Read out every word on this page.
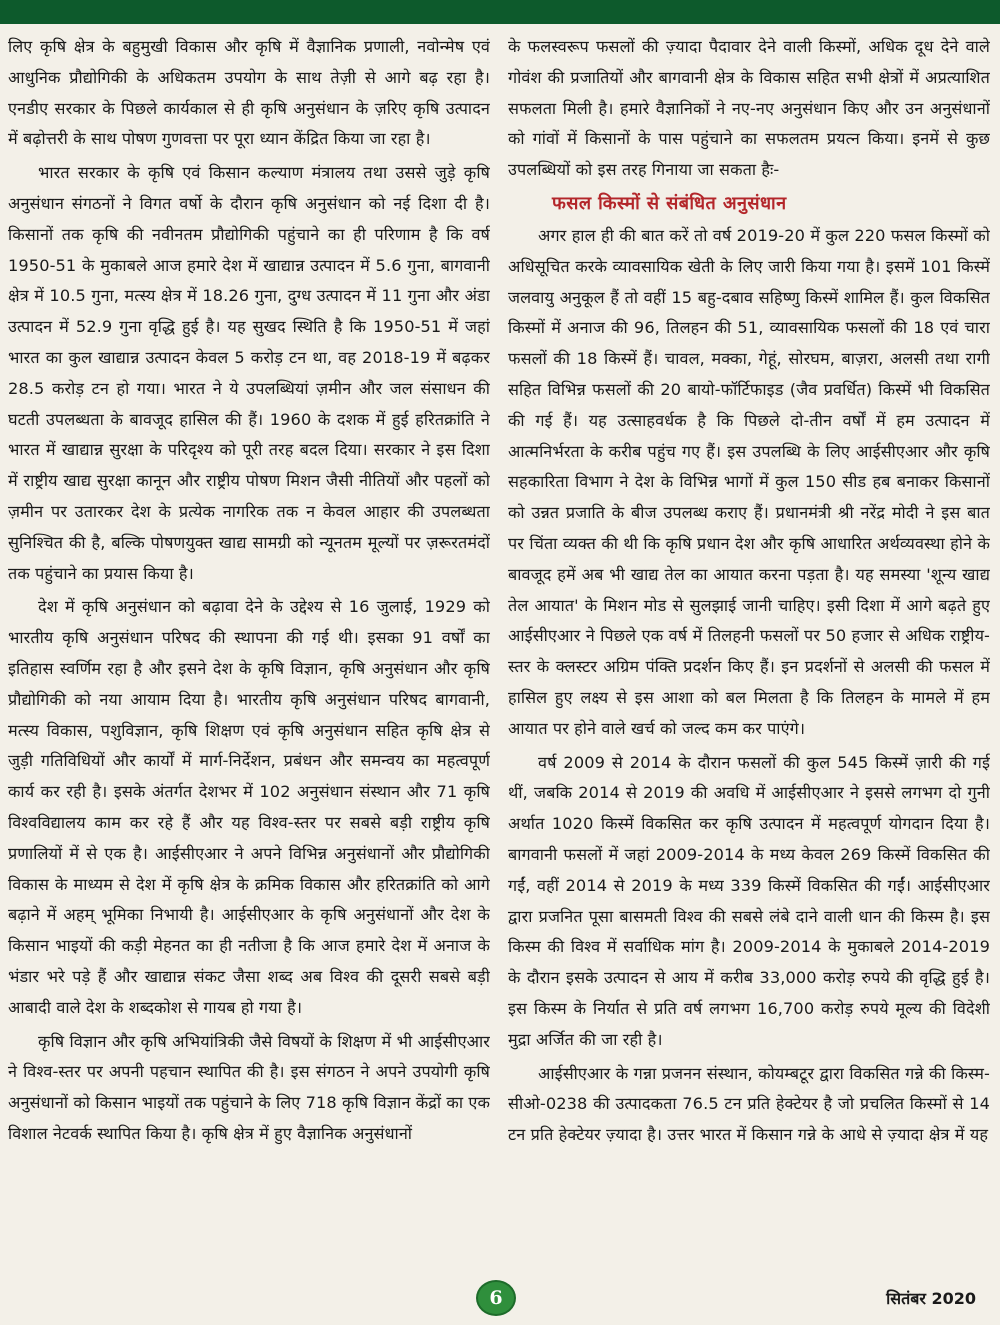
लिए कृषि क्षेत्र के बहुमुखी विकास और कृषि में वैज्ञानिक प्रणाली, नवोन्मेष एवं आधुनिक प्रौद्योगिकी के अधिकतम उपयोग के साथ तेज़ी से आगे बढ़ रहा है। एनडीए सरकार के पिछले कार्यकाल से ही कृषि अनुसंधान के ज़रिए कृषि उत्पादन में बढ़ोत्तरी के साथ पोषण गुणवत्ता पर पूरा ध्यान केंद्रित किया जा रहा है।

भारत सरकार के कृषि एवं किसान कल्याण मंत्रालय तथा उससे जुड़े कृषि अनुसंधान संगठनों ने विगत वर्षो के दौरान कृषि अनुसंधान को नई दिशा दी है। किसानों तक कृषि की नवीनतम प्रौद्योगिकी पहुंचाने का ही परिणाम है कि वर्ष 1950-51 के मुकाबले आज हमारे देश में खाद्यान्न उत्पादन में 5.6 गुना, बागवानी क्षेत्र में 10.5 गुना, मत्स्य क्षेत्र में 18.26 गुना, दुग्ध उत्पादन में 11 गुना और अंडा उत्पादन में 52.9 गुना वृद्धि हुई है। यह सुखद स्थिति है कि 1950-51 में जहां भारत का कुल खाद्यान्न उत्पादन केवल 5 करोड़ टन था, वह 2018-19 में बढ़कर 28.5 करोड़ टन हो गया। भारत ने ये उपलब्धियां ज़मीन और जल संसाधन की घटती उपलब्धता के बावजूद हासिल की हैं। 1960 के दशक में हुई हरितक्रांति ने भारत में खाद्यान्न सुरक्षा के परिदृश्य को पूरी तरह बदल दिया। सरकार ने इस दिशा में राष्ट्रीय खाद्य सुरक्षा कानून और राष्ट्रीय पोषण मिशन जैसी नीतियों और पहलों को ज़मीन पर उतारकर देश के प्रत्येक नागरिक तक न केवल आहार की उपलब्धता सुनिश्चित की है, बल्कि पोषणयुक्त खाद्य सामग्री को न्यूनतम मूल्यों पर ज़रूरतमंदों तक पहुंचाने का प्रयास किया है।

देश में कृषि अनुसंधान को बढ़ावा देने के उद्देश्य से 16 जुलाई, 1929 को भारतीय कृषि अनुसंधान परिषद की स्थापना की गई थी। इसका 91 वर्षों का इतिहास स्वर्णिम रहा है और इसने देश के कृषि विज्ञान, कृषि अनुसंधान और कृषि प्रौद्योगिकी को नया आयाम दिया है। भारतीय कृषि अनुसंधान परिषद बागवानी, मत्स्य विकास, पशुविज्ञान, कृषि शिक्षण एवं कृषि अनुसंधान सहित कृषि क्षेत्र से जुड़ी गतिविधियों और कार्यों में मार्ग-निर्देशन, प्रबंधन और समन्वय का महत्वपूर्ण कार्य कर रही है। इसके अंतर्गत देशभर में 102 अनुसंधान संस्थान और 71 कृषि विश्वविद्यालय काम कर रहे हैं और यह विश्व-स्तर पर सबसे बड़ी राष्ट्रीय कृषि प्रणालियों में से एक है। आईसीएआर ने अपने विभिन्न अनुसंधानों और प्रौद्योगिकी विकास के माध्यम से देश में कृषि क्षेत्र के क्रमिक विकास और हरितक्रांति को आगे बढ़ाने में अहम् भूमिका निभायी है। आईसीएआर के कृषि अनुसंधानों और देश के किसान भाइयों की कड़ी मेहनत का ही नतीजा है कि आज हमारे देश में अनाज के भंडार भरे पड़े हैं और खाद्यान्न संकट जैसा शब्द अब विश्व की दूसरी सबसे बड़ी आबादी वाले देश के शब्दकोश से गायब हो गया है।

कृषि विज्ञान और कृषि अभियांत्रिकी जैसे विषयों के शिक्षण में भी आईसीएआर ने विश्व-स्तर पर अपनी पहचान स्थापित की है। इस संगठन ने अपने उपयोगी कृषि अनुसंधानों को किसान भाइयों तक पहुंचाने के लिए 718 कृषि विज्ञान केंद्रों का एक विशाल नेटवर्क स्थापित किया है। कृषि क्षेत्र में हुए वैज्ञानिक अनुसंधानों

के फलस्वरूप फसलों की ज़्यादा पैदावार देने वाली किस्मों, अधिक दूध देने वाले गोवंश की प्रजातियों और बागवानी क्षेत्र के विकास सहित सभी क्षेत्रों में अप्रत्याशित सफलता मिली है। हमारे वैज्ञानिकों ने नए-नए अनुसंधान किए और उन अनुसंधानों को गांवों में किसानों के पास पहुंचाने का सफलतम प्रयत्न किया। इनमें से कुछ उपलब्धियों को इस तरह गिनाया जा सकता हैः-

फसल किस्मों से संबंधित अनुसंधान

अगर हाल ही की बात करें तो वर्ष 2019-20 में कुल 220 फसल किस्मों को अधिसूचित करके व्यावसायिक खेती के लिए जारी किया गया है। इसमें 101 किस्में जलवायु अनुकूल हैं तो वहीं 15 बहु-दबाव सहिष्णु किस्में शामिल हैं। कुल विकसित किस्मों में अनाज की 96, तिलहन की 51, व्यावसायिक फसलों की 18 एवं चारा फसलों की 18 किस्में हैं। चावल, मक्का, गेहूं, सोरघम, बाज़रा, अलसी तथा रागी सहित विभिन्न फसलों की 20 बायो-फॉर्टिफाइड (जैव प्रवर्धित) किस्में भी विकसित की गई हैं। यह उत्साहवर्धक है कि पिछले दो-तीन वर्षों में हम उत्पादन में आत्मनिर्भरता के करीब पहुंच गए हैं। इस उपलब्धि के लिए आईसीएआर और कृषि सहकारिता विभाग ने देश के विभिन्न भागों में कुल 150 सीड हब बनाकर किसानों को उन्नत प्रजाति के बीज उपलब्ध कराए हैं। प्रधानमंत्री श्री नरेंद्र मोदी ने इस बात पर चिंता व्यक्त की थी कि कृषि प्रधान देश और कृषि आधारित अर्थव्यवस्था होने के बावजूद हमें अब भी खाद्य तेल का आयात करना पड़ता है। यह समस्या 'शून्य खाद्य तेल आयात' के मिशन मोड से सुलझाई जानी चाहिए। इसी दिशा में आगे बढ़ते हुए आईसीएआर ने पिछले एक वर्ष में तिलहनी फसलों पर 50 हजार से अधिक राष्ट्रीय-स्तर के क्लस्टर अग्रिम पंक्ति प्रदर्शन किए हैं। इन प्रदर्शनों से अलसी की फसल में हासिल हुए लक्ष्य से इस आशा को बल मिलता है कि तिलहन के मामले में हम आयात पर होने वाले खर्च को जल्द कम कर पाएंगे।

वर्ष 2009 से 2014 के दौरान फसलों की कुल 545 किस्में ज़ारी की गई थीं, जबकि 2014 से 2019 की अवधि में आईसीएआर ने इससे लगभग दो गुनी अर्थात 1020 किस्में विकसित कर कृषि उत्पादन में महत्वपूर्ण योगदान दिया है। बागवानी फसलों में जहां 2009-2014 के मध्य केवल 269 किस्में विकसित की गईं, वहीं 2014 से 2019 के मध्य 339 किस्में विकसित की गईं। आईसीएआर द्वारा प्रजनित पूसा बासमती विश्व की सबसे लंबे दाने वाली धान की किस्म है। इस किस्म की विश्व में सर्वाधिक मांग है। 2009-2014 के मुकाबले 2014-2019 के दौरान इसके उत्पादन से आय में करीब 33,000 करोड़ रुपये की वृद्धि हुई है। इस किस्म के निर्यात से प्रति वर्ष लगभग 16,700 करोड़ रुपये मूल्य की विदेशी मुद्रा अर्जित की जा रही है।

आईसीएआर के गन्ना प्रजनन संस्थान, कोयम्बटूर द्वारा विकसित गन्ने की किस्म-सीओ-0238 की उत्पादकता 76.5 टन प्रति हेक्टेयर है जो प्रचलित किस्मों से 14 टन प्रति हेक्टेयर ज़्यादा है। उत्तर भारत में किसान गन्ने के आधे से ज़्यादा क्षेत्र में यह

6	सितंबर 2020
